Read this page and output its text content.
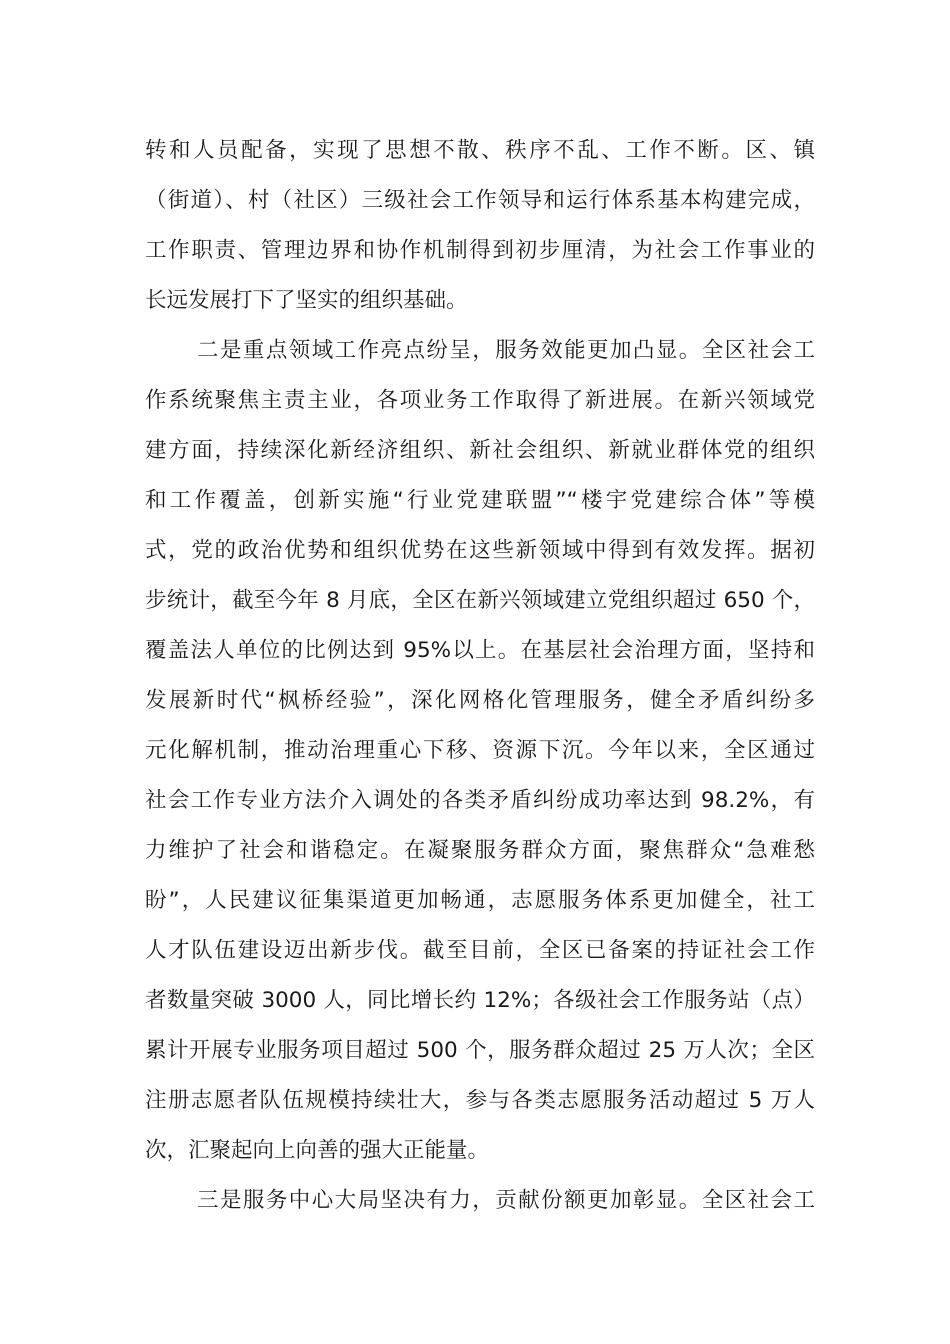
转和人员配备，实现了思想不散、秩序不乱、工作不断。区、镇
（街道）、村（社区）三级社会工作领导和运行体系基本构建完成，
工作职责、管理边界和协作机制得到初步厘清，为社会工作事业的
长远发展打下了坚实的组织基础。
二是重点领域工作亮点纷呈，服务效能更加凸显。全区社会工
作系统聚焦主责主业，各项业务工作取得了新进展。在新兴领域党
建方面，持续深化新经济组织、新社会组织、新就业群体党的组织
和工作覆盖，创新实施“行业党建联盟”“楼宇党建综合体”等模
式，党的政治优势和组织优势在这些新领域中得到有效发挥。据初
步统计，截至今年 8 月底，全区在新兴领域建立党组织超过 650 个，
覆盖法人单位的比例达到 95%以上。在基层社会治理方面，坚持和
发展新时代“枫桥经验”，深化网格化管理服务，健全矛盾纠纷多
元化解机制，推动治理重心下移、资源下沉。今年以来，全区通过
社会工作专业方法介入调处的各类矛盾纠纷成功率达到 98.2%，有
力维护了社会和谐稳定。在凝聚服务群众方面，聚焦群众“急难愁
盼”，人民建议征集渠道更加畅通，志愿服务体系更加健全，社工
人才队伍建设迈出新步伐。截至目前，全区已备案的持证社会工作
者数量突破 3000 人，同比增长约 12%；各级社会工作服务站（点）
累计开展专业服务项目超过 500 个，服务群众超过 25 万人次；全区
注册志愿者队伍规模持续壮大，参与各类志愿服务活动超过 5 万人
次，汇聚起向上向善的强大正能量。
三是服务中心大局坚决有力，贡献份额更加彰显。全区社会工
